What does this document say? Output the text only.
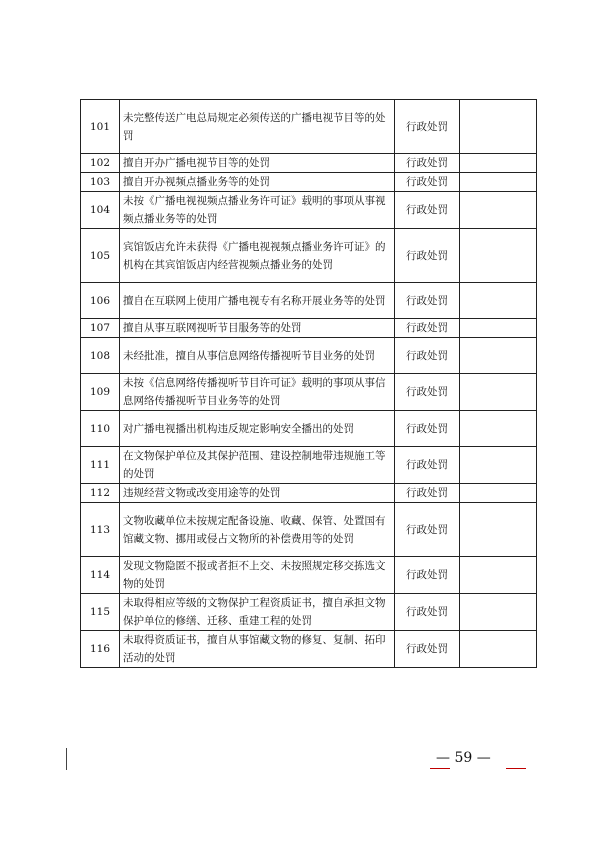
101	未完整传送广电总局规定必须传送的广播电视节目等的处罚	行政处罚	
102	擅自开办广播电视节目等的处罚	行政处罚	
103	擅自开办视频点播业务等的处罚	行政处罚	
104	未按《广播电视视频点播业务许可证》载明的事项从事视频点播业务等的处罚	行政处罚	
105	宾馆饭店允许未获得《广播电视视频点播业务许可证》的机构在其宾馆饭店内经营视频点播业务的处罚	行政处罚	
106	擅自在互联网上使用广播电视专有名称开展业务等的处罚	行政处罚	
107	擅自从事互联网视听节目服务等的处罚	行政处罚	
108	未经批准，擅自从事信息网络传播视听节目业务的处罚	行政处罚	
109	未按《信息网络传播视听节目许可证》载明的事项从事信息网络传播视听节目业务等的处罚	行政处罚	
110	对广播电视播出机构违反规定影响安全播出的处罚	行政处罚	
111	在文物保护单位及其保护范围、建设控制地带违规施工等的处罚	行政处罚	
112	违规经营文物或改变用途等的处罚	行政处罚	
113	文物收藏单位未按规定配备设施、收藏、保管、处置国有馆藏文物、挪用或侵占文物所的补偿费用等的处罚	行政处罚	
114	发现文物隐匿不报或者拒不上交、未按照规定移交拣选文物的处罚	行政处罚	
115	未取得相应等级的文物保护工程资质证书，擅自承担文物保护单位的修缮、迁移、重建工程的处罚	行政处罚	
116	未取得资质证书，擅自从事馆藏文物的修复、复制、拓印活动的处罚	行政处罚	
— 59 —
